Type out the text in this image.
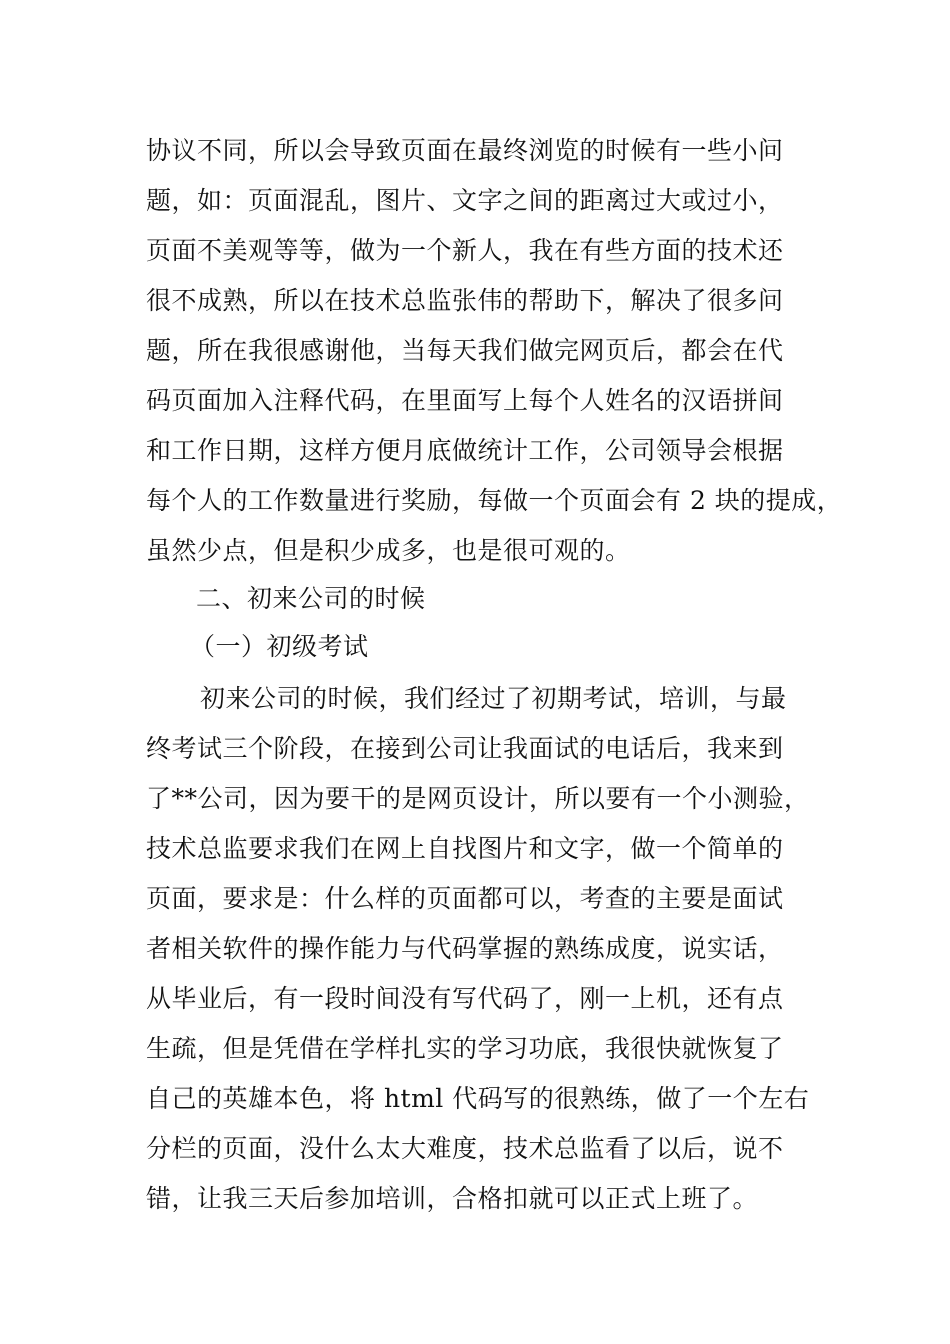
协议不同，所以会导致页面在最终浏览的时候有一些小问
题，如：页面混乱，图片、文字之间的距离过大或过小，
页面不美观等等，做为一个新人，我在有些方面的技术还
很不成熟，所以在技术总监张伟的帮助下，解决了很多问
题，所在我很感谢他，当每天我们做完网页后，都会在代
码页面加入注释代码，在里面写上每个人姓名的汉语拼间
和工作日期，这样方便月底做统计工作，公司领导会根据
每个人的工作数量进行奖励，每做一个页面会有 2 块的提成，
虽然少点，但是积少成多，也是很可观的。
二、初来公司的时候
（一）初级考试
初来公司的时候，我们经过了初期考试，培训，与最
终考试三个阶段，在接到公司让我面试的电话后，我来到
了**公司，因为要干的是网页设计，所以要有一个小测验，
技术总监要求我们在网上自找图片和文字，做一个简单的
页面，要求是：什么样的页面都可以，考查的主要是面试
者相关软件的操作能力与代码掌握的熟练成度，说实话，
从毕业后，有一段时间没有写代码了，刚一上机，还有点
生疏，但是凭借在学样扎实的学习功底，我很快就恢复了
自己的英雄本色，将 html 代码写的很熟练，做了一个左右
分栏的页面，没什么太大难度，技术总监看了以后，说不
错，让我三天后参加培训，合格扣就可以正式上班了。
